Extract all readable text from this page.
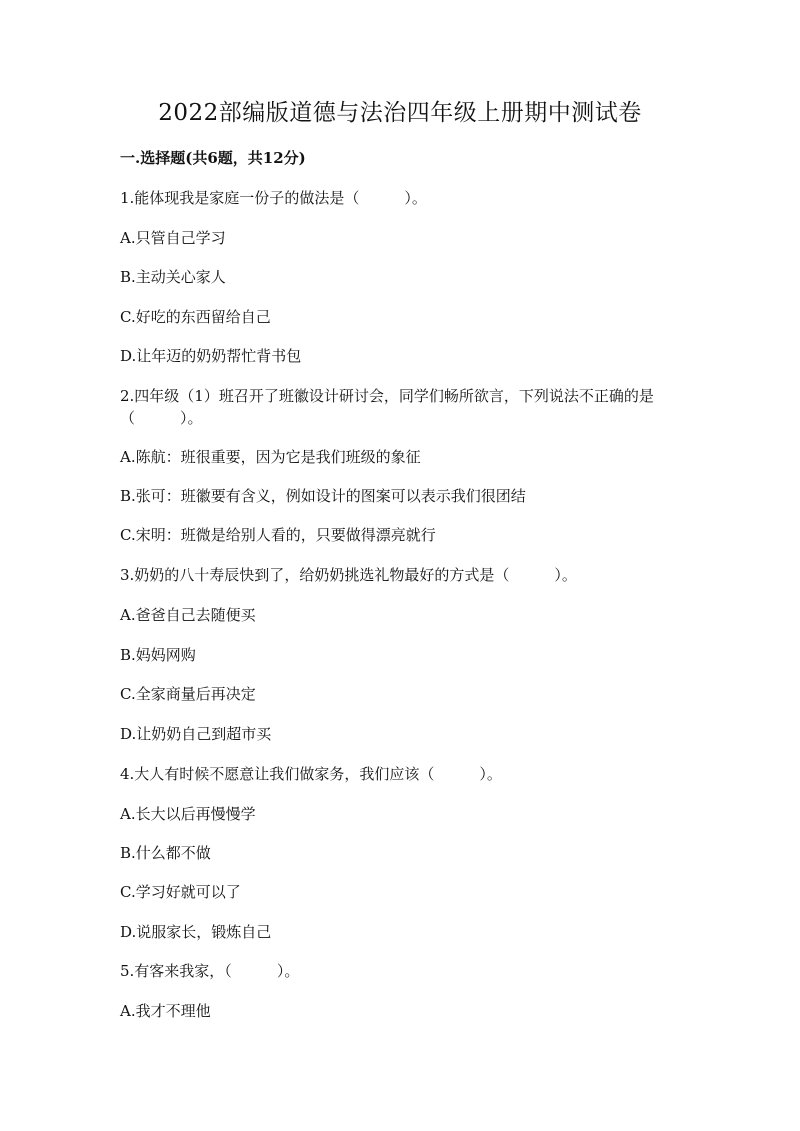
2022部编版道德与法治四年级上册期中测试卷
一.选择题(共6题，共12分)
1.能体现我是家庭一份子的做法是（　　　）。
A.只管自己学习
B.主动关心家人
C.好吃的东西留给自己
D.让年迈的奶奶帮忙背书包
2.四年级（1）班召开了班徽设计研讨会，同学们畅所欲言，下列说法不正确的是（　　　）。
A.陈航：班很重要，因为它是我们班级的象征
B.张可：班徽要有含义，例如设计的图案可以表示我们很团结
C.宋明：班微是给别人看的，只要做得漂亮就行
3.奶奶的八十寿辰快到了，给奶奶挑选礼物最好的方式是（　　　）。
A.爸爸自己去随便买
B.妈妈网购
C.全家商量后再决定
D.让奶奶自己到超市买
4.大人有时候不愿意让我们做家务，我们应该（　　　）。
A.长大以后再慢慢学
B.什么都不做
C.学习好就可以了
D.说服家长，锻炼自己
5.有客来我家，（　　　）。
A.我才不理他
